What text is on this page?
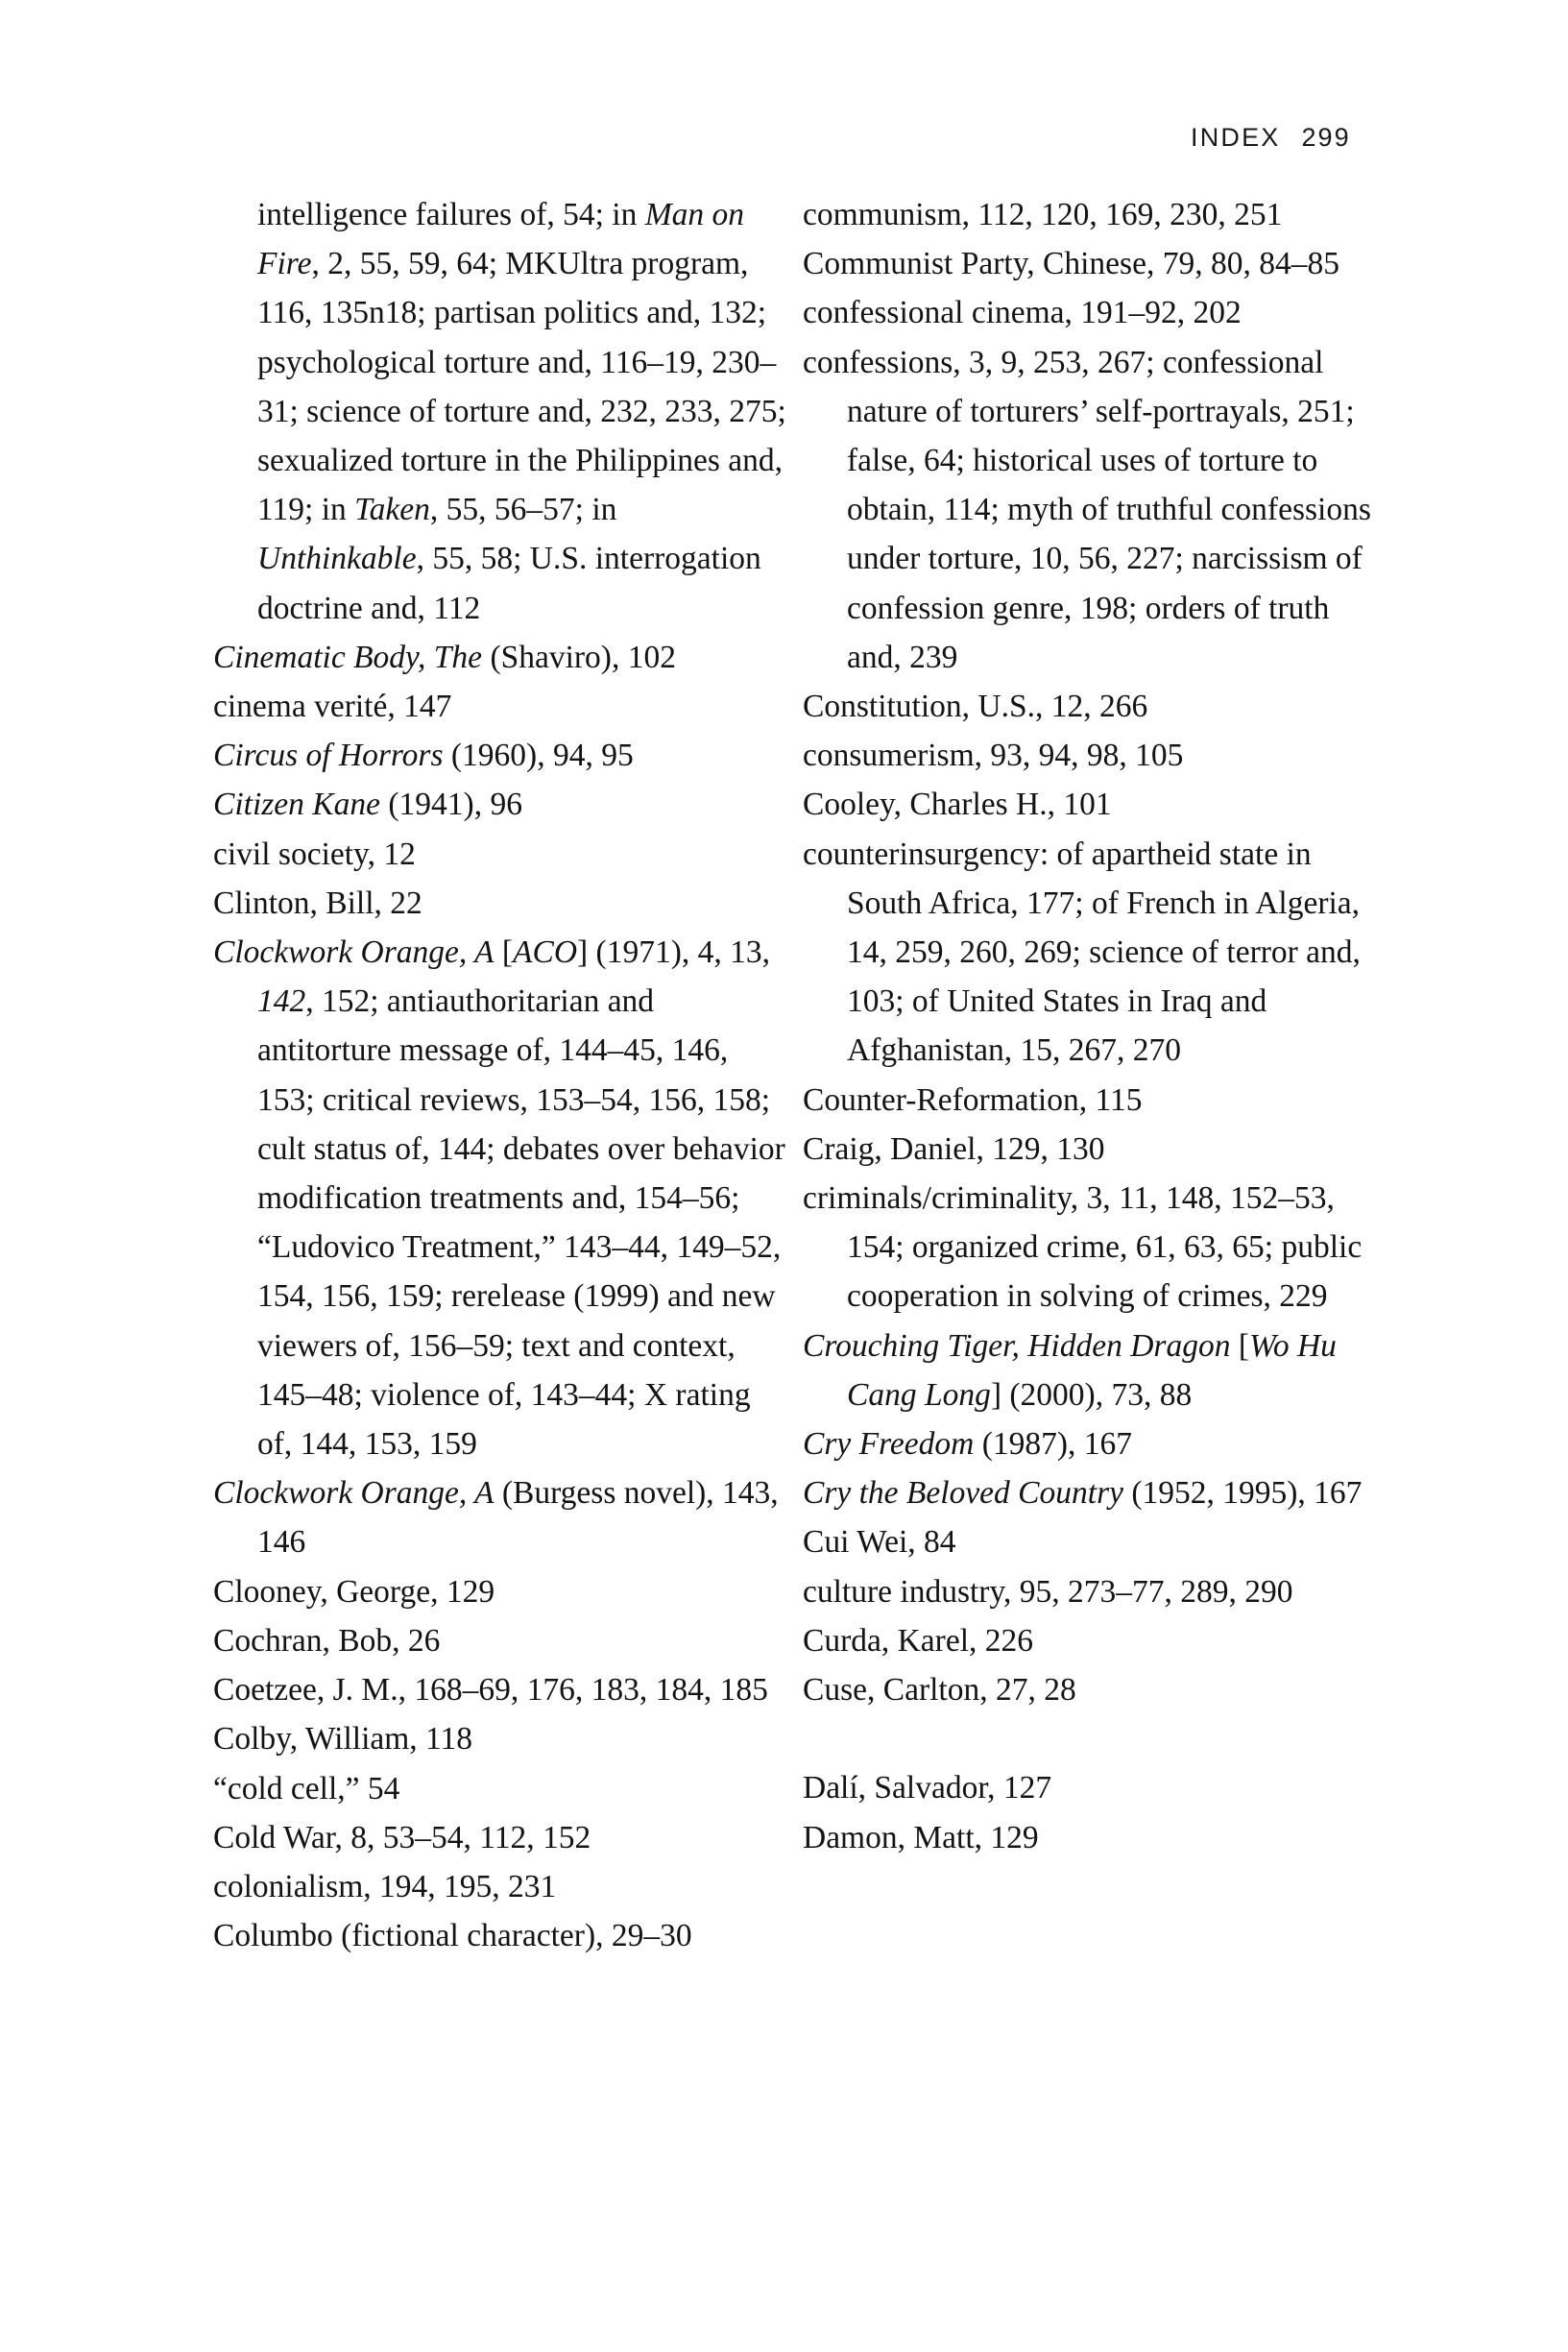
INDEX 299

intelligence failures of, 54; in Man on Fire, 2, 55, 59, 64; MKUltra program, 116, 135n18; partisan politics and, 132; psychological torture and, 116–19, 230–31; science of torture and, 232, 233, 275; sexualized torture in the Philippines and, 119; in Taken, 55, 56–57; in Unthinkable, 55, 58; U.S. interrogation doctrine and, 112

Cinematic Body, The (Shaviro), 102

cinema verité, 147

Circus of Horrors (1960), 94, 95

Citizen Kane (1941), 96

civil society, 12

Clinton, Bill, 22

Clockwork Orange, A [ACO] (1971), 4, 13, 142, 152; antiauthoritarian and antitorture message of, 144–45, 146, 153; critical reviews, 153–54, 156, 158; cult status of, 144; debates over behavior modification treatments and, 154–56; “Ludovico Treatment,” 143–44, 149–52, 154, 156, 159; rerelease (1999) and new viewers of, 156–59; text and context, 145–48; violence of, 143–44; X rating of, 144, 153, 159

Clockwork Orange, A (Burgess novel), 143, 146

Clooney, George, 129

Cochran, Bob, 26

Coetzee, J. M., 168–69, 176, 183, 184, 185

Colby, William, 118

“cold cell,” 54

Cold War, 8, 53–54, 112, 152

colonialism, 194, 195, 231

Columbo (fictional character), 29–30

communism, 112, 120, 169, 230, 251

Communist Party, Chinese, 79, 80, 84–85

confessional cinema, 191–92, 202

confessions, 3, 9, 253, 267; confessional nature of torturers’ self-portrayals, 251; false, 64; historical uses of torture to obtain, 114; myth of truthful confessions under torture, 10, 56, 227; narcissism of confession genre, 198; orders of truth and, 239

Constitution, U.S., 12, 266

consumerism, 93, 94, 98, 105

Cooley, Charles H., 101

counterinsurgency: of apartheid state in South Africa, 177; of French in Algeria, 14, 259, 260, 269; science of terror and, 103; of United States in Iraq and Afghanistan, 15, 267, 270

Counter-Reformation, 115

Craig, Daniel, 129, 130

criminals/criminality, 3, 11, 148, 152–53, 154; organized crime, 61, 63, 65; public cooperation in solving of crimes, 229

Crouching Tiger, Hidden Dragon [Wo Hu Cang Long] (2000), 73, 88

Cry Freedom (1987), 167

Cry the Beloved Country (1952, 1995), 167

Cui Wei, 84

culture industry, 95, 273–77, 289, 290

Curda, Karel, 226

Cuse, Carlton, 27, 28

Dalí, Salvador, 127

Damon, Matt, 129
